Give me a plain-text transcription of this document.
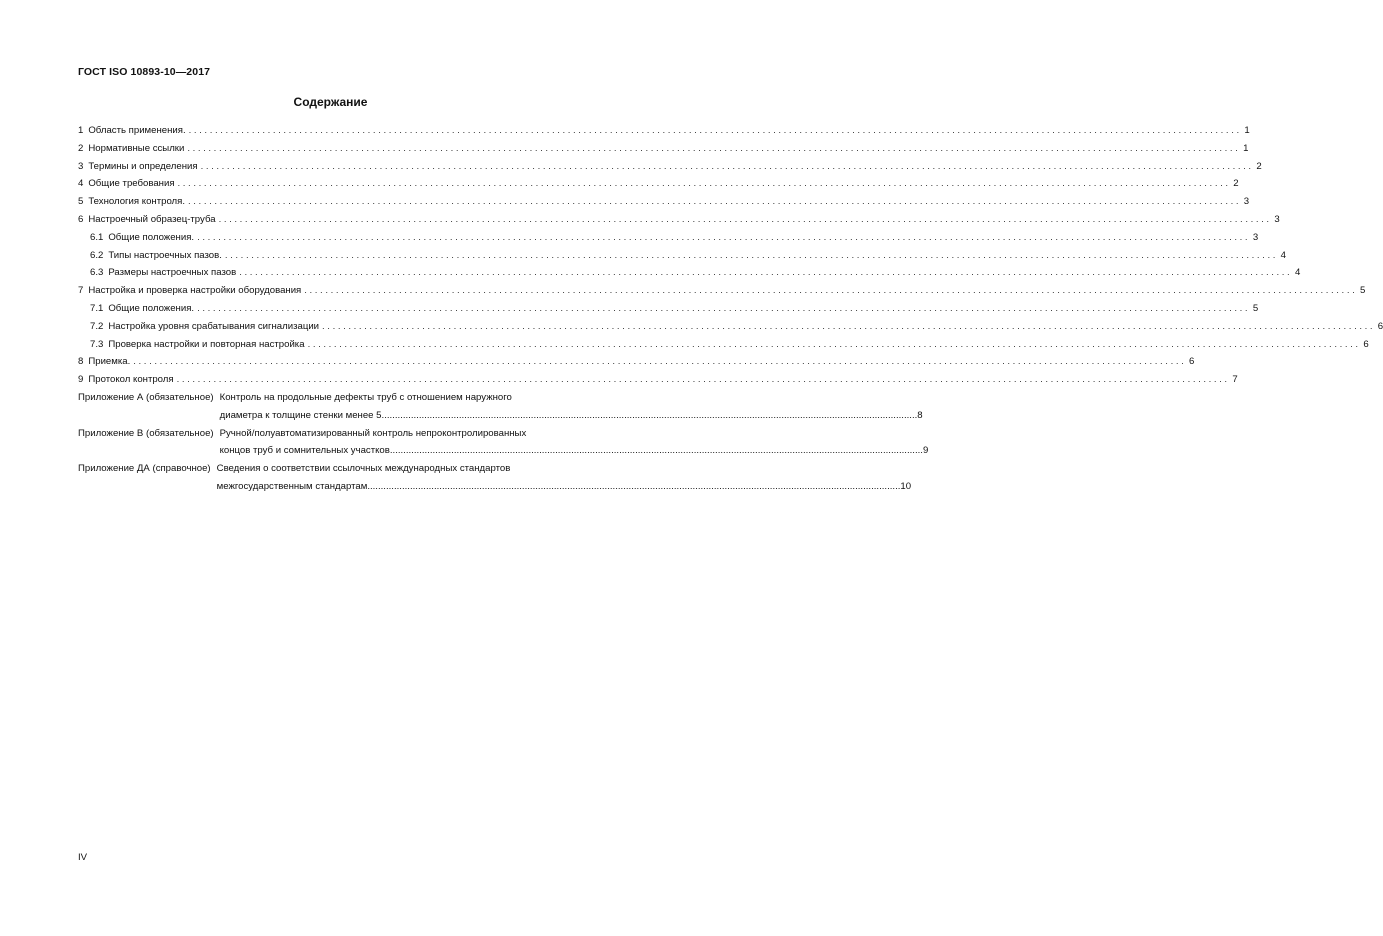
ГОСТ ISO 10893-10—2017
Содержание
1 Область применения. ........................................................................................................................................................................................................ 1
2 Нормативные ссылки ........................................................................................................................................................................................................ 1
3 Термины и определения ........................................................................................................................................................................................................ 2
4 Общие требования ........................................................................................................................................................................................................ 2
5 Технология контроля. ........................................................................................................................................................................................................ 3
6 Настроечный образец-труба ........................................................................................................................................................................................................ 3
6.1 Общие положения. ........................................................................................................................................................................................................ 3
6.2 Типы настроечных пазов. ........................................................................................................................................................................................................ 4
6.3 Размеры настроечных пазов ........................................................................................................................................................................................................ 4
7 Настройка и проверка настройки оборудования ........................................................................................................................................................................................................ 5
7.1 Общие положения. ........................................................................................................................................................................................................ 5
7.2 Настройка уровня срабатывания сигнализации ........................................................................................................................................................................................................ 6
7.3 Проверка настройки и повторная настройка ........................................................................................................................................................................................................ 6
8 Приемка. ........................................................................................................................................................................................................ 6
9 Протокол контроля ........................................................................................................................................................................................................ 7
Приложение А (обязательное) Контроль на продольные дефекты труб с отношением наружного
диаметра к толщине стенки менее 5. ........................................................................................................................................................................................................ 8
Приложение В (обязательное) Ручной/полуавтоматизированный контроль непроконтролированных
концов труб и сомнительных участков ........................................................................................................................................................................................................ 9
Приложение ДА (справочное) Сведения о соответствии ссылочных международных стандартов
межгосударственным стандартам ........................................................................................................................................................................................................ 10
IV
